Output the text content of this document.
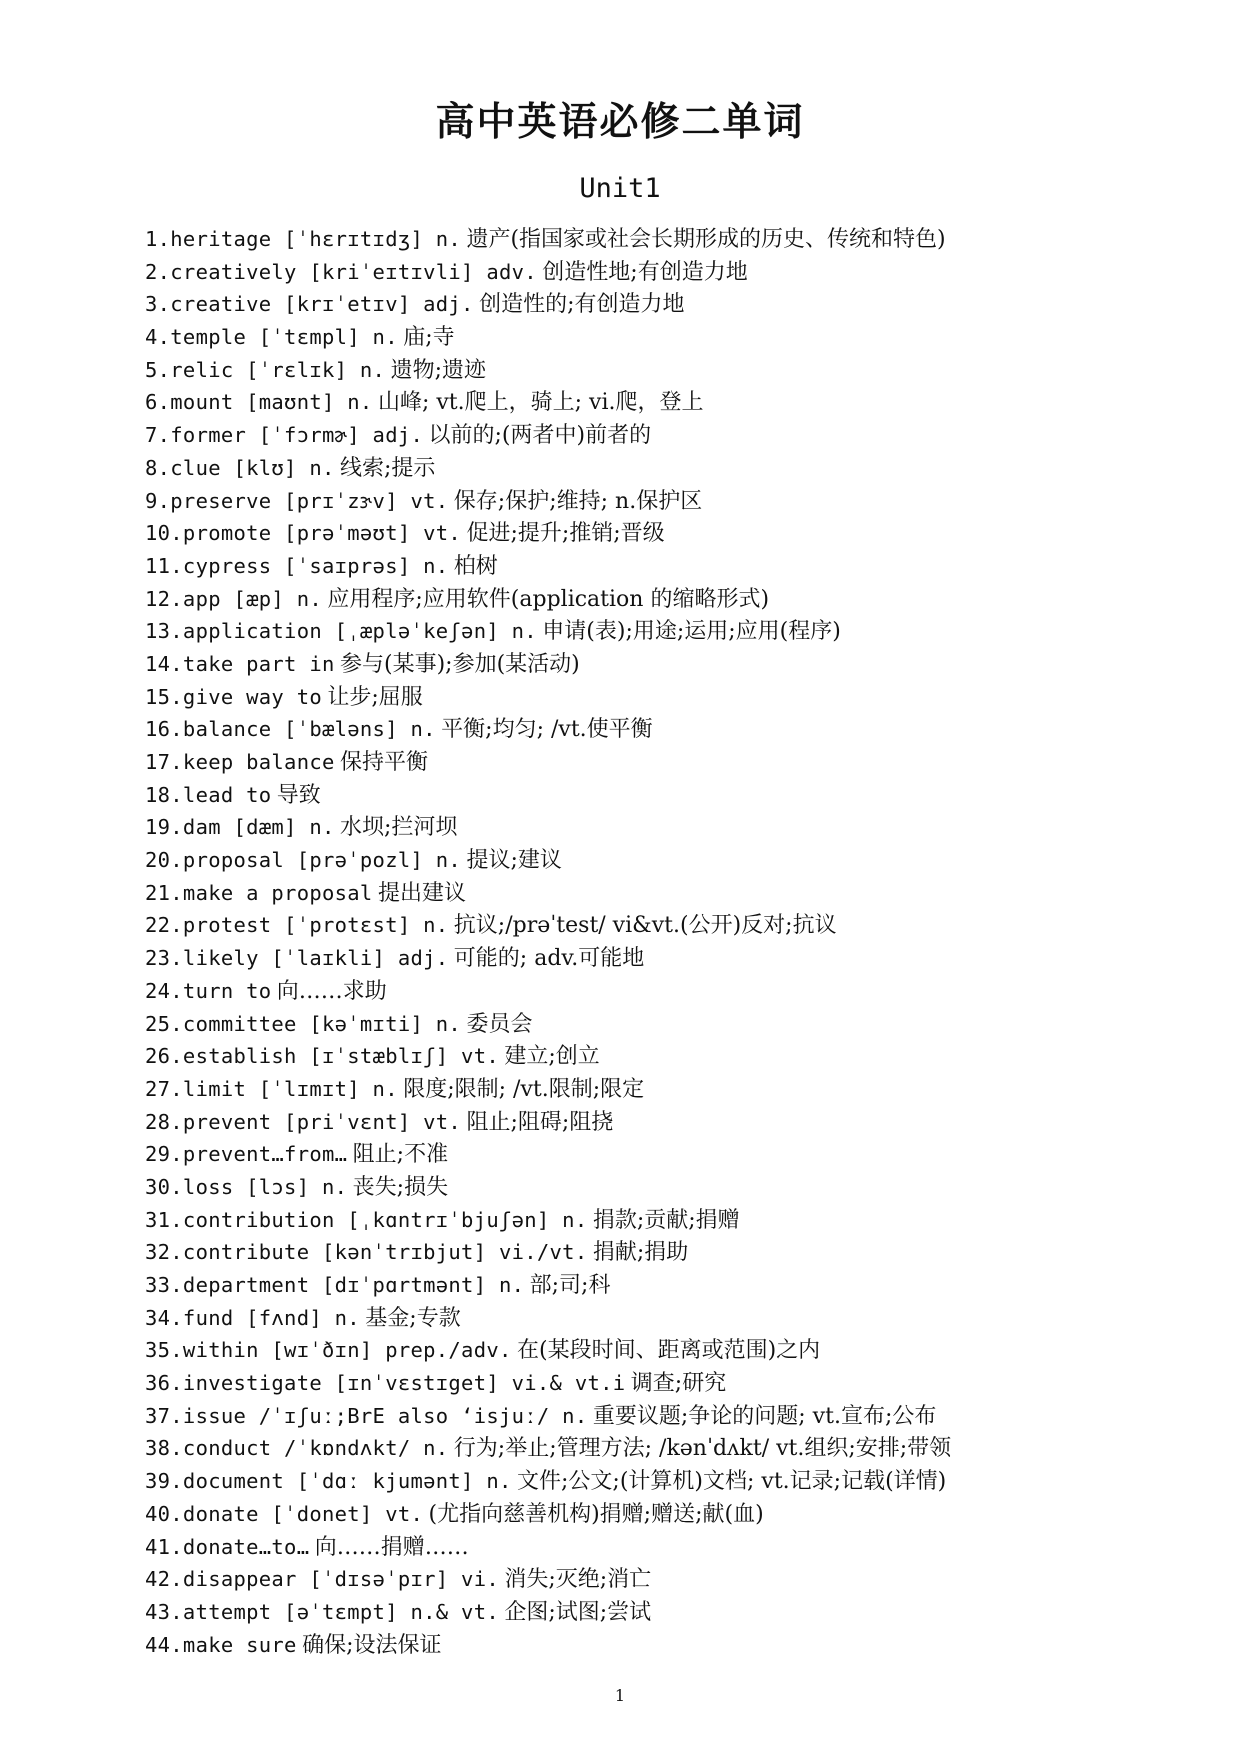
高中英语必修二单词
Unit1
1.heritage [ˈhɛrɪtɪdʒ] n. 遗产(指国家或社会长期形成的历史、传统和特色)
2.creatively [kriˈeɪtɪvli] adv. 创造性地;有创造力地
3.creative [krɪˈetɪv] adj. 创造性的;有创造力地
4.temple [ˈtɛmpl] n. 庙;寺
5.relic [ˈrɛlɪk] n. 遗物;遗迹
6.mount [maʊnt] n. 山峰; vt.爬上，骑上; vi.爬，登上
7.former [ˈfɔrmɚ] adj. 以前的;(两者中)前者的
8.clue [klʊ] n. 线索;提示
9.preserve [prɪˈzɝv] vt. 保存;保护;维持; n.保护区
10.promote [prəˈməʊt] vt. 促进;提升;推销;晋级
11.cypress [ˈsaɪprəs] n. 柏树
12.app [æp] n. 应用程序;应用软件(application 的缩略形式)
13.application [ˌæpləˈkeʃən] n. 申请(表);用途;运用;应用(程序)
14.take part in 参与(某事);参加(某活动)
15.give way to 让步;屈服
16.balance [ˈbæləns] n. 平衡;均匀; /vt.使平衡
17.keep balance 保持平衡
18.lead to 导致
19.dam [dæm] n. 水坝;拦河坝
20.proposal [prəˈpozl] n. 提议;建议
21.make a proposal 提出建议
22.protest [ˈprotɛst] n. 抗议;/prəˈtest/ vi&vt.(公开)反对;抗议
23.likely [ˈlaɪkli] adj. 可能的; adv.可能地
24.turn to 向……求助
25.committee [kəˈmɪti] n. 委员会
26.establish [ɪˈstæblɪʃ] vt. 建立;创立
27.limit [ˈlɪmɪt] n. 限度;限制; /vt.限制;限定
28.prevent [priˈvɛnt] vt. 阻止;阻碍;阻挠
29.prevent…from… 阻止;不准
30.loss [lɔs] n. 丧失;损失
31.contribution [ˌkɑntrɪˈbjuʃən] n. 捐款;贡献;捐赠
32.contribute [kənˈtrɪbjut] vi./vt. 捐献;捐助
33.department [dɪˈpɑrtmənt] n. 部;司;科
34.fund [fʌnd] n. 基金;专款
35.within [wɪˈðɪn] prep./adv. 在(某段时间、距离或范围)之内
36.investigate [ɪnˈvɛstɪget] vi.& vt.i 调查;研究
37.issue /ˈɪʃuː;BrE also ‘isjuː/ n. 重要议题;争论的问题; vt.宣布;公布
38.conduct /ˈkɒndʌkt/ n. 行为;举止;管理方法; /kənˈdʌkt/ vt.组织;安排;带领
39.document [ˈdɑː kjumənt] n. 文件;公文;(计算机)文档; vt.记录;记载(详情)
40.donate [ˈdonet] vt. (尤指向慈善机构)捐赠;赠送;献(血)
41.donate…to… 向……捐赠……
42.disappear [ˈdɪsəˈpɪr] vi. 消失;灭绝;消亡
43.attempt [əˈtɛmpt] n.& vt. 企图;试图;尝试
44.make sure 确保;设法保证
1
